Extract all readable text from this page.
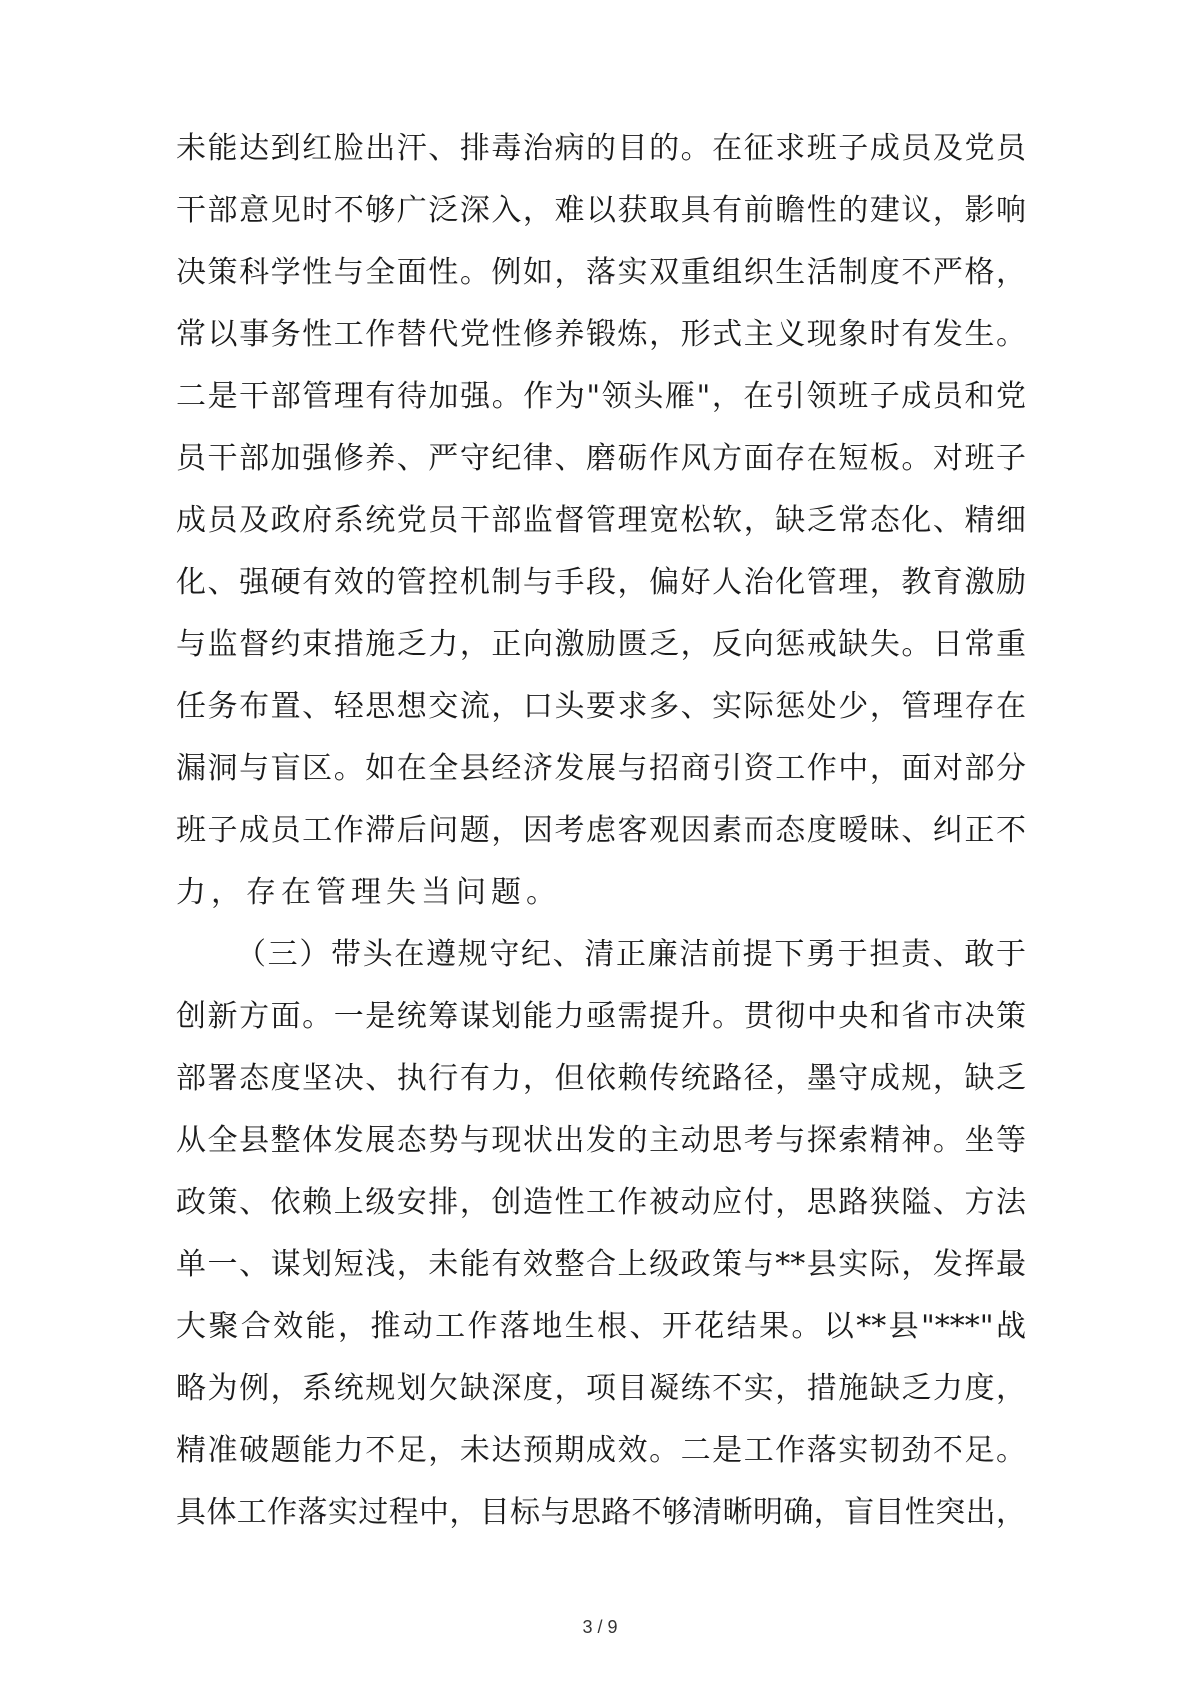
未能达到红脸出汗、排毒治病的目的。在征求班子成员及党员
干部意见时不够广泛深入，难以获取具有前瞻性的建议，影响
决策科学性与全面性。例如，落实双重组织生活制度不严格，
常以事务性工作替代党性修养锻炼，形式主义现象时有发生。
二是干部管理有待加强。作为"领头雁"，在引领班子成员和党
员干部加强修养、严守纪律、磨砺作风方面存在短板。对班子
成员及政府系统党员干部监督管理宽松软，缺乏常态化、精细
化、强硬有效的管控机制与手段，偏好人治化管理，教育激励
与监督约束措施乏力，正向激励匮乏，反向惩戒缺失。日常重
任务布置、轻思想交流，口头要求多、实际惩处少，管理存在
漏洞与盲区。如在全县经济发展与招商引资工作中，面对部分
班子成员工作滞后问题，因考虑客观因素而态度暧昧、纠正不
力，存在管理失当问题。
（三）带头在遵规守纪、清正廉洁前提下勇于担责、敢于
创新方面。一是统筹谋划能力亟需提升。贯彻中央和省市决策
部署态度坚决、执行有力，但依赖传统路径，墨守成规，缺乏
从全县整体发展态势与现状出发的主动思考与探索精神。坐等
政策、依赖上级安排，创造性工作被动应付，思路狭隘、方法
单一、谋划短浅，未能有效整合上级政策与**县实际，发挥最
大聚合效能，推动工作落地生根、开花结果。以**县"***"战
略为例，系统规划欠缺深度，项目凝练不实，措施缺乏力度，
精准破题能力不足，未达预期成效。二是工作落实韧劲不足。
具体工作落实过程中，目标与思路不够清晰明确，盲目性突出，
3 / 9
